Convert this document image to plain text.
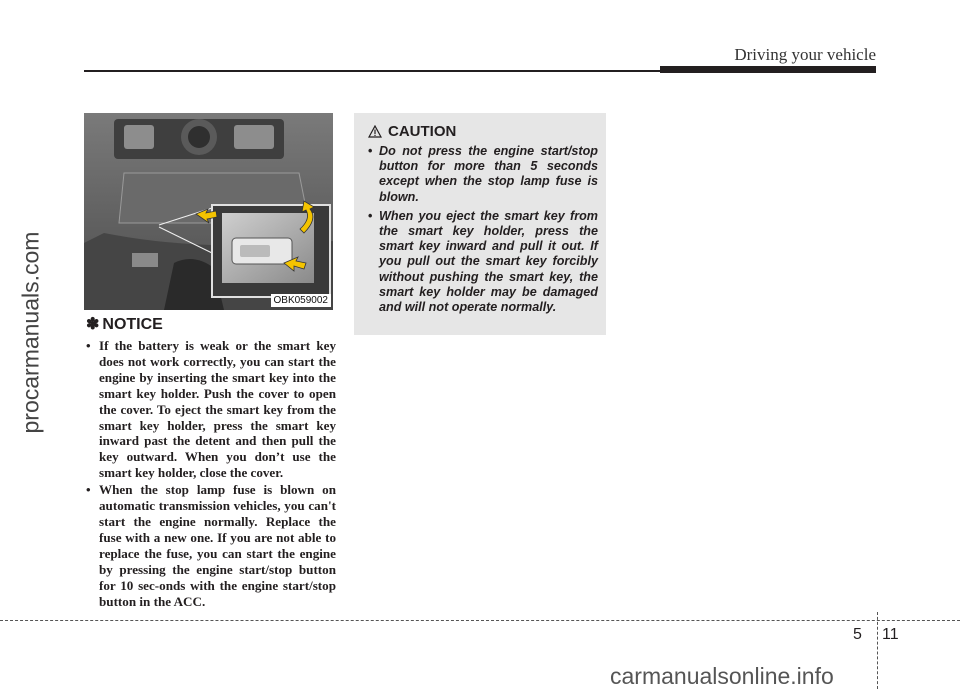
Driving your vehicle
procarmanuals.com	OBK059002
✽ NOTICE
• If the battery is weak or the smart key does not work correctly, you can start the engine by inserting the smart key into the smart key holder. Push the cover to open the cover. To eject the smart key from the smart key holder, press the smart key inward past the detent and then pull the key outward. When you don’t use the smart key holder, close the cover.
• When the stop lamp fuse is blown on automatic transmission vehicles, you can't start the engine normally. Replace the fuse with a new one. If you are not able to replace the fuse, you can start the engine by pressing the engine start/stop button for 10 sec-onds with the engine start/stop button in the ACC.
CAUTION
• Do not press the engine start/stop button for more than 5 seconds except when the stop lamp fuse is blown.
• When you eject the smart key from the smart key holder, press the smart key inward and pull it out. If you pull out the smart key forcibly without pushing the smart key, the smart key holder may be damaged and will not operate normally.
5 11
carmanualsonline.info
